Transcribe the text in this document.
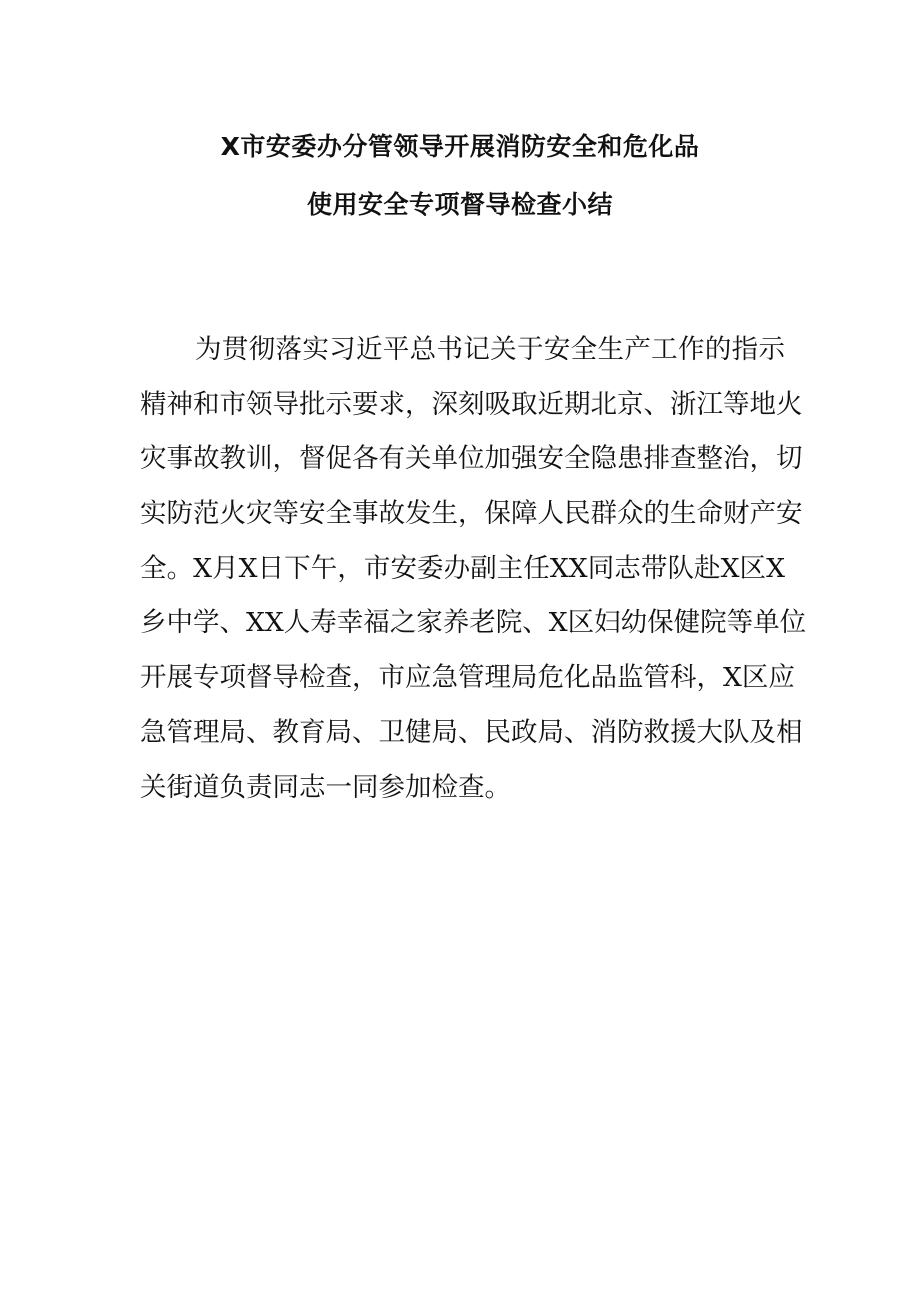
X市安委办分管领导开展消防安全和危化品
使用安全专项督导检查小结
为贯彻落实习近平总书记关于安全生产工作的指示
精神和市领导批示要求，深刻吸取近期北京、浙江等地火
灾事故教训，督促各有关单位加强安全隐患排查整治，切
实防范火灾等安全事故发生，保障人民群众的生命财产安
全。X月X日下午，市安委办副主任XX同志带队赴X区X
乡中学、XX人寿幸福之家养老院、X区妇幼保健院等单位
开展专项督导检查，市应急管理局危化品监管科，X区应
急管理局、教育局、卫健局、民政局、消防救援大队及相
关街道负责同志一同参加检查。
